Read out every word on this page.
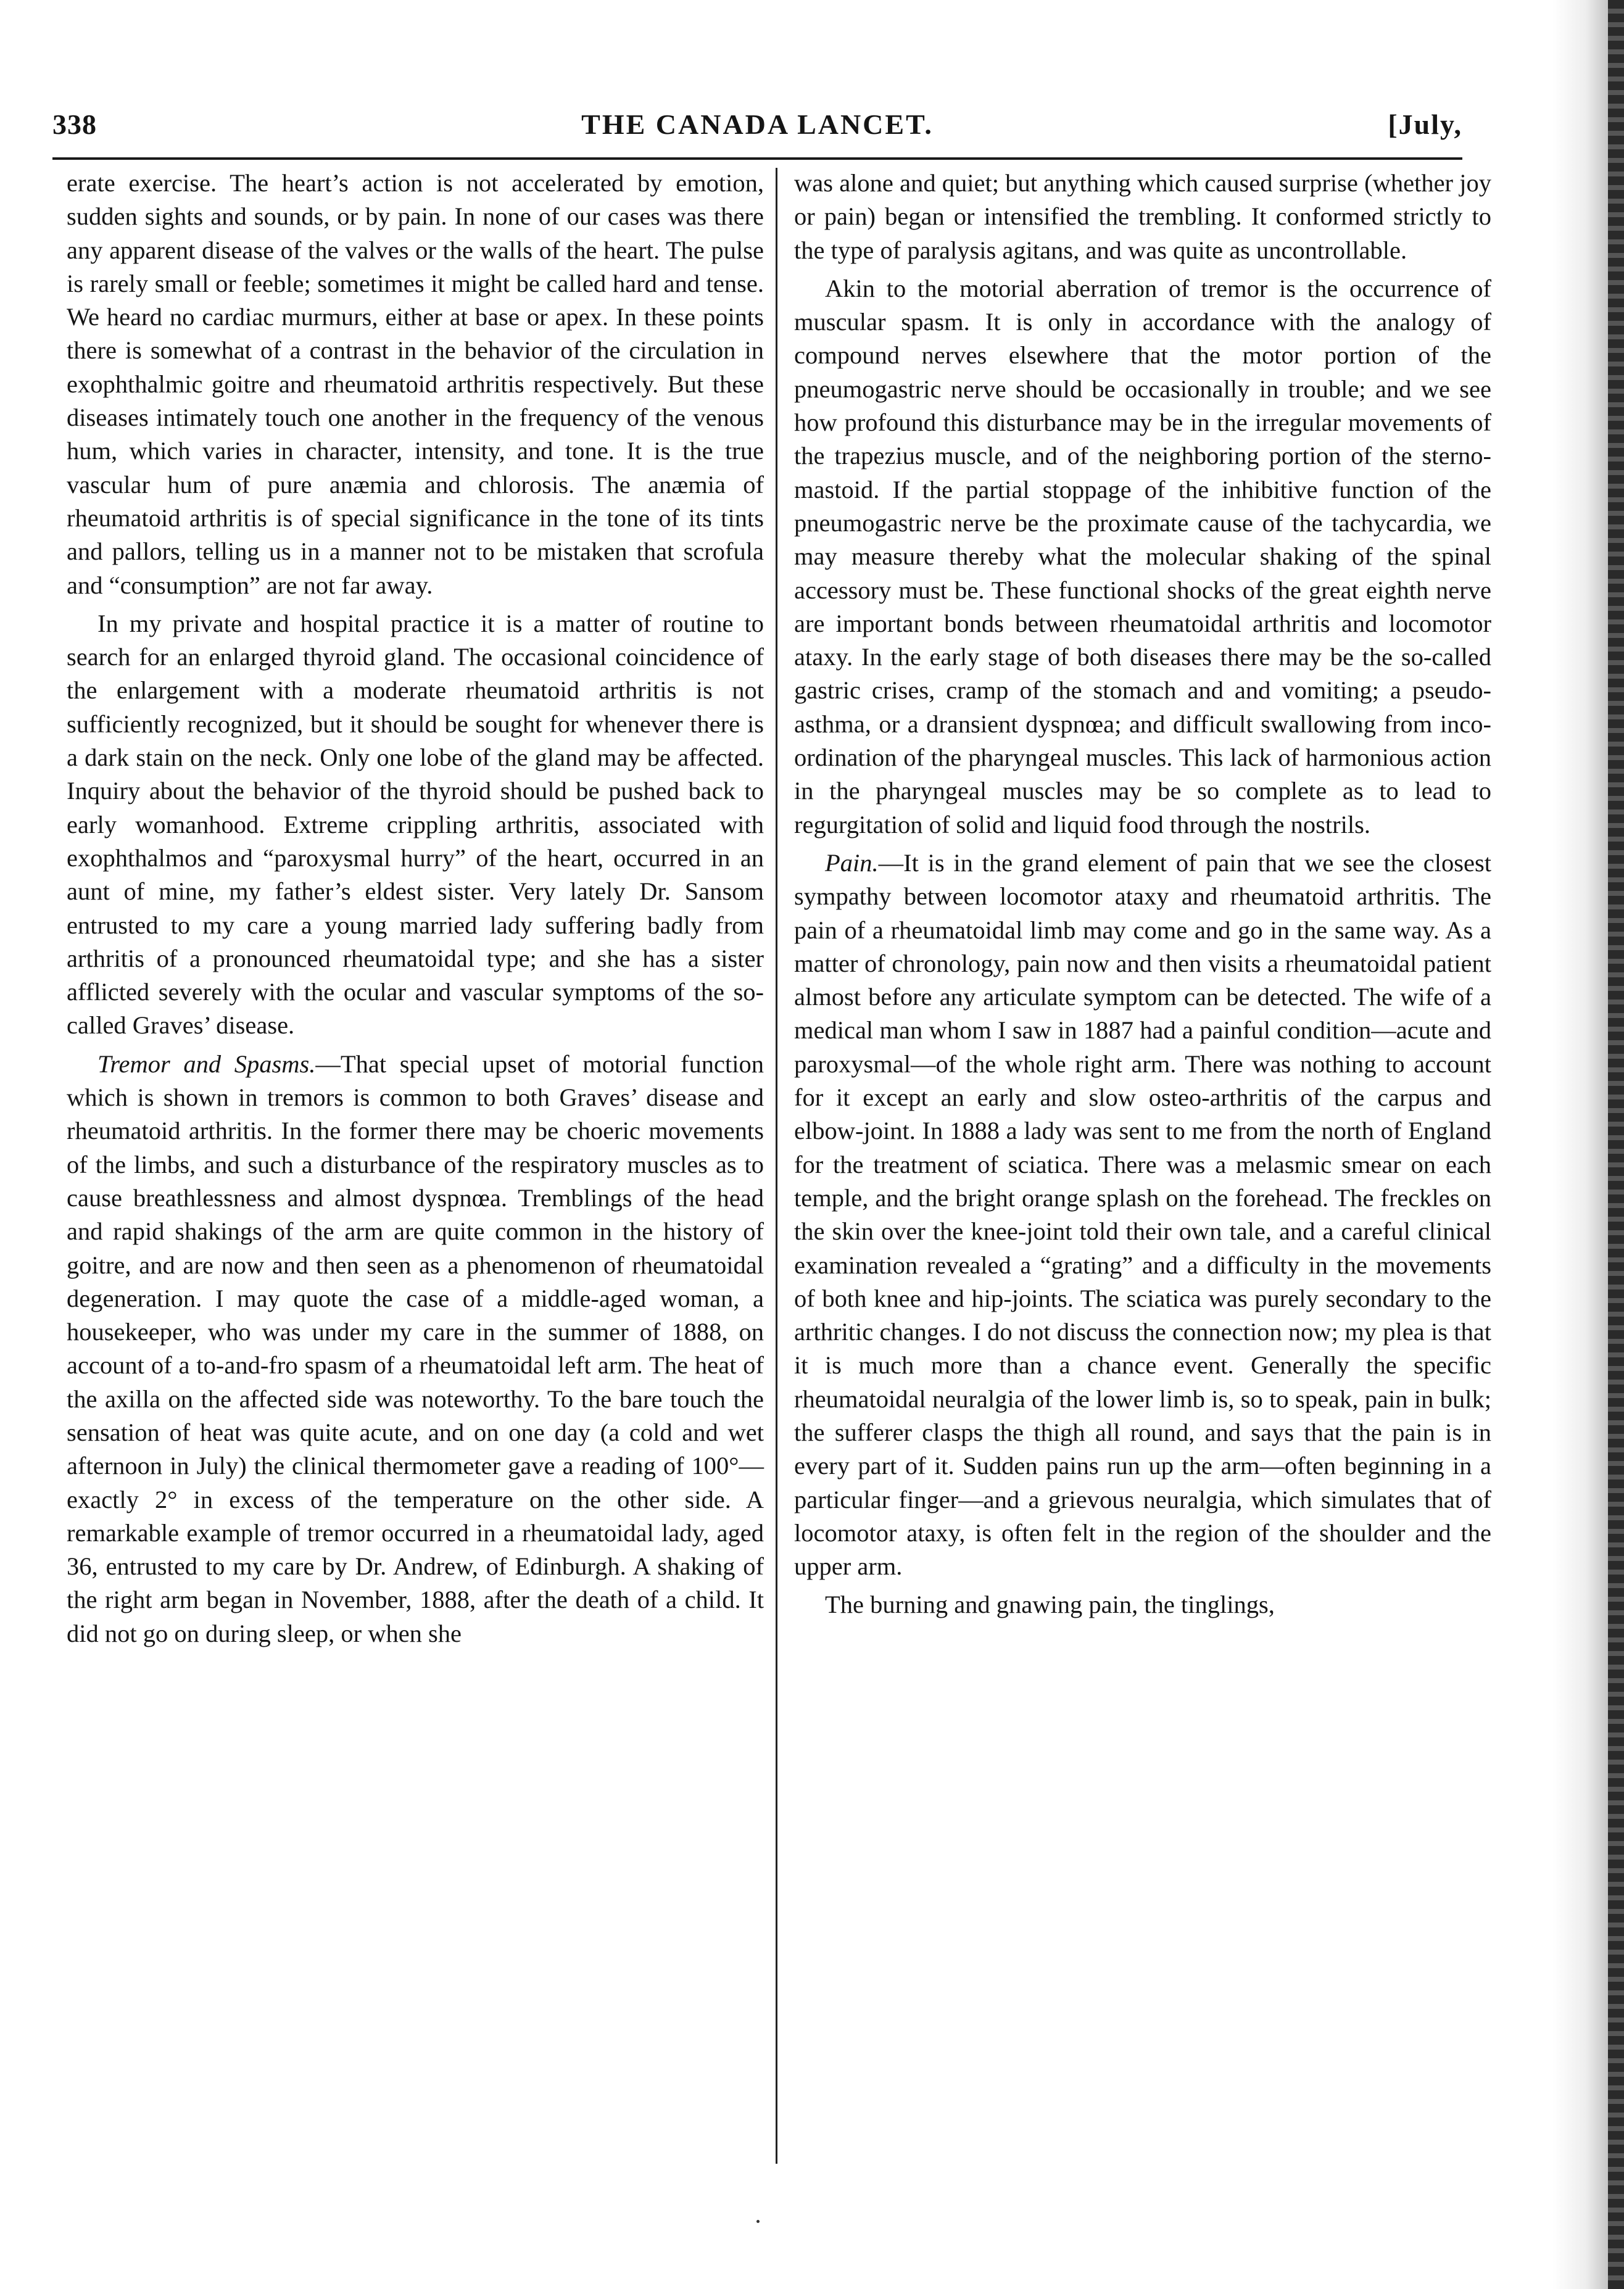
338	THE CANADA LANCET.	[July,

erate exercise. The heart’s action is not accelerated by emotion, sudden sights and sounds, or by pain. In none of our cases was there any apparent disease of the valves or the walls of the heart. The pulse is rarely small or feeble; sometimes it might be called hard and tense. We heard no cardiac murmurs, either at base or apex. In these points there is somewhat of a contrast in the behavior of the circulation in exophthalmic goitre and rheumatoid arthritis respectively. But these diseases intimately touch one another in the frequency of the venous hum, which varies in character, intensity, and tone. It is the true vascular hum of pure anæmia and chlorosis. The anæmia of rheumatoid arthritis is of special significance in the tone of its tints and pallors, telling us in a manner not to be mistaken that scrofula and “consumption” are not far away.

In my private and hospital practice it is a matter of routine to search for an enlarged thyroid gland. The occasional coincidence of the enlargement with a moderate rheumatoid arthritis is not sufficiently recognized, but it should be sought for whenever there is a dark stain on the neck. Only one lobe of the gland may be affected. Inquiry about the behavior of the thyroid should be pushed back to early womanhood. Extreme crippling arthritis, associated with exophthalmos and “paroxysmal hurry” of the heart, occurred in an aunt of mine, my father’s eldest sister. Very lately Dr. Sansom entrusted to my care a young married lady suffering badly from arthritis of a pronounced rheumatoidal type; and she has a sister afflicted severely with the ocular and vascular symptoms of the so-called Graves’ disease.

Tremor and Spasms.—That special upset of motorial function which is shown in tremors is common to both Graves’ disease and rheumatoid arthritis. In the former there may be choeric movements of the limbs, and such a disturbance of the respiratory muscles as to cause breathlessness and almost dyspnœa. Tremblings of the head and rapid shakings of the arm are quite common in the history of goitre, and are now and then seen as a phenomenon of rheumatoidal degeneration. I may quote the case of a middle-aged woman, a housekeeper, who was under my care in the summer of 1888, on account of a to-and-fro spasm of a rheumatoidal left arm. The heat of the axilla on the affected side was noteworthy. To the bare touch the sensation of heat was quite acute, and on one day (a cold and wet afternoon in July) the clinical thermometer gave a reading of 100°—exactly 2° in excess of the temperature on the other side. A remarkable example of tremor occurred in a rheumatoidal lady, aged 36, entrusted to my care by Dr. Andrew, of Edinburgh. A shaking of the right arm began in November, 1888, after the death of a child. It did not go on during sleep, or when she

was alone and quiet; but anything which caused surprise (whether joy or pain) began or intensified the trembling. It conformed strictly to the type of paralysis agitans, and was quite as uncontrollable.

Akin to the motorial aberration of tremor is the occurrence of muscular spasm. It is only in accordance with the analogy of compound nerves elsewhere that the motor portion of the pneumogastric nerve should be occasionally in trouble; and we see how profound this disturbance may be in the irregular movements of the trapezius muscle, and of the neighboring portion of the sterno-mastoid. If the partial stoppage of the inhibitive function of the pneumogastric nerve be the proximate cause of the tachycardia, we may measure thereby what the molecular shaking of the spinal accessory must be. These functional shocks of the great eighth nerve are important bonds between rheumatoidal arthritis and locomotor ataxy. In the early stage of both diseases there may be the so-called gastric crises, cramp of the stomach and and vomiting; a pseudo-asthma, or a dransient dyspnœa; and difficult swallowing from inco-ordination of the pharyngeal muscles. This lack of harmonious action in the pharyngeal muscles may be so complete as to lead to regurgitation of solid and liquid food through the nostrils.

Pain.—It is in the grand element of pain that we see the closest sympathy between locomotor ataxy and rheumatoid arthritis. The pain of a rheumatoidal limb may come and go in the same way. As a matter of chronology, pain now and then visits a rheumatoidal patient almost before any articulate symptom can be detected. The wife of a medical man whom I saw in 1887 had a painful condition—acute and paroxysmal—of the whole right arm. There was nothing to account for it except an early and slow osteo-arthritis of the carpus and elbow-joint. In 1888 a lady was sent to me from the north of England for the treatment of sciatica. There was a melasmic smear on each temple, and the bright orange splash on the forehead. The freckles on the skin over the knee-joint told their own tale, and a careful clinical examination revealed a “grating” and a difficulty in the movements of both knee and hip-joints. The sciatica was purely secondary to the arthritic changes. I do not discuss the connection now; my plea is that it is much more than a chance event. Generally the specific rheumatoidal neuralgia of the lower limb is, so to speak, pain in bulk; the sufferer clasps the thigh all round, and says that the pain is in every part of it. Sudden pains run up the arm—often beginning in a particular finger—and a grievous neuralgia, which simulates that of locomotor ataxy, is often felt in the region of the shoulder and the upper arm.

The burning and gnawing pain, the tinglings,
